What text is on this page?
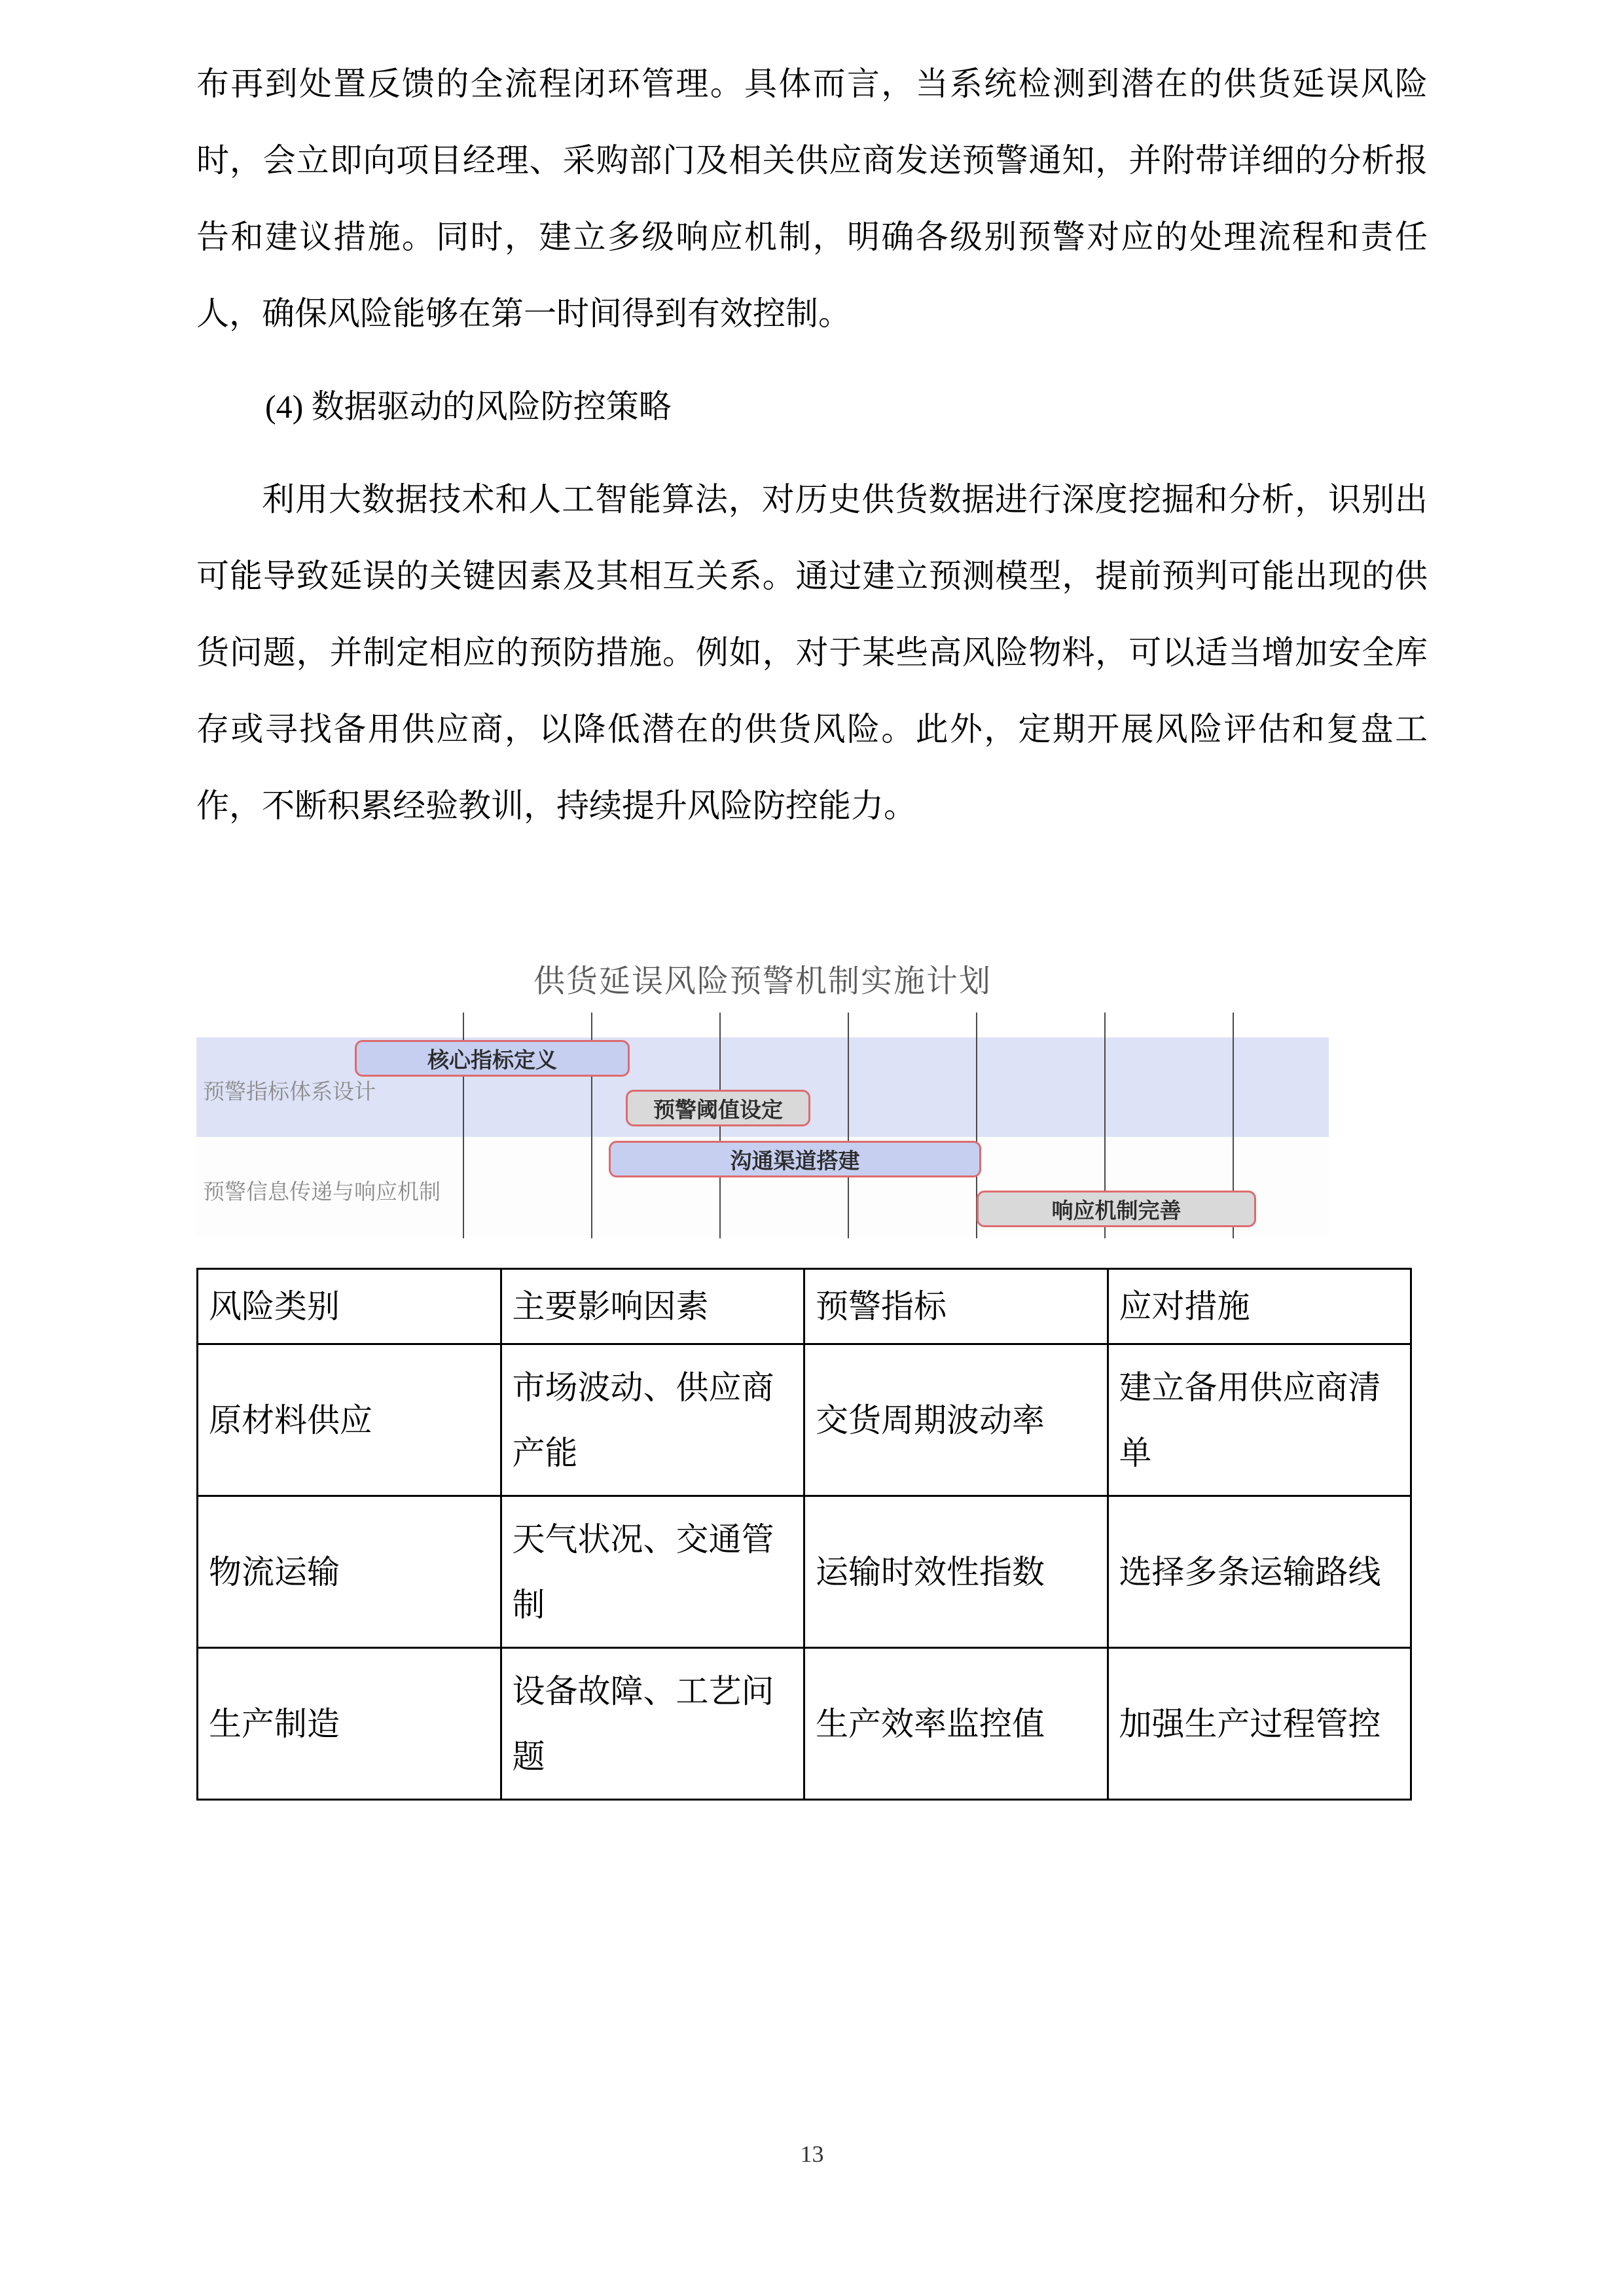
布再到处置反馈的全流程闭环管理。具体而言，当系统检测到潜在的供货延误风险时，会立即向项目经理、采购部门及相关供应商发送预警通知，并附带详细的分析报告和建议措施。同时，建立多级响应机制，明确各级别预警对应的处理流程和责任人，确保风险能够在第一时间得到有效控制。

(4) 数据驱动的风险防控策略

利用大数据技术和人工智能算法，对历史供货数据进行深度挖掘和分析，识别出可能导致延误的关键因素及其相互关系。通过建立预测模型，提前预判可能出现的供货问题，并制定相应的预防措施。例如，对于某些高风险物料，可以适当增加安全库存或寻找备用供应商，以降低潜在的供货风险。此外，定期开展风险评估和复盘工作，不断积累经验教训，持续提升风险防控能力。

供货延误风险预警机制实施计划
预警指标体系设计
预警信息传递与响应机制
核心指标定义
预警阈值设定
沟通渠道搭建
响应机制完善
风险类别	主要影响因素	预警指标	应对措施
原材料供应	市场波动、供应商产能	交货周期波动率	建立备用供应商清单
物流运输	天气状况、交通管制	运输时效性指数	选择多条运输路线
生产制造	设备故障、工艺问题	生产效率监控值	加强生产过程管控
13
